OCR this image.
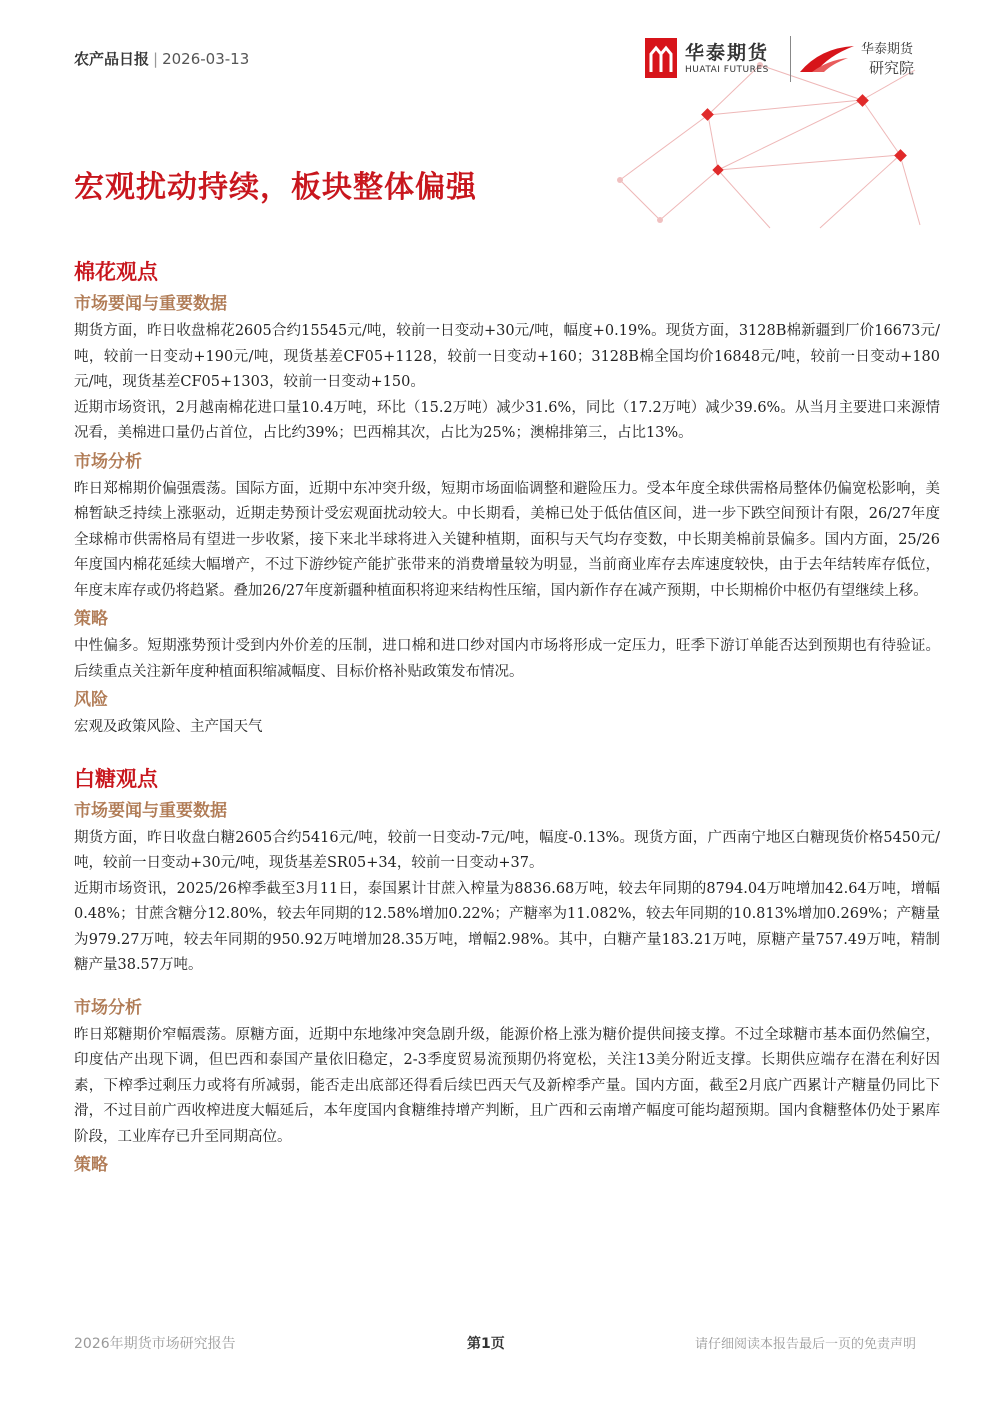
农产品日报 | 2026-03-13	华泰期货
HUATAI FUTURES
华泰期货
研究院
宏观扰动持续，板块整体偏强
棉花观点
市场要闻与重要数据

期货方面，昨日收盘棉花2605合约15545元/吨，较前一日变动+30元/吨，幅度+0.19%。现货方面，3128B棉新疆到厂价16673元/吨，较前一日变动+190元/吨，现货基差CF05+1128，较前一日变动+160；3128B棉全国均价16848元/吨，较前一日变动+180元/吨，现货基差CF05+1303，较前一日变动+150。

近期市场资讯，2月越南棉花进口量10.4万吨，环比（15.2万吨）减少31.6%，同比（17.2万吨）减少39.6%。从当月主要进口来源情况看，美棉进口量仍占首位，占比约39%；巴西棉其次，占比为25%；澳棉排第三，占比13%。

市场分析

昨日郑棉期价偏强震荡。国际方面，近期中东冲突升级，短期市场面临调整和避险压力。受本年度全球供需格局整体仍偏宽松影响，美棉暂缺乏持续上涨驱动，近期走势预计受宏观面扰动较大。中长期看，美棉已处于低估值区间，进一步下跌空间预计有限，26/27年度全球棉市供需格局有望进一步收紧，接下来北半球将进入关键种植期，面积与天气均存变数，中长期美棉前景偏多。国内方面，25/26年度国内棉花延续大幅增产，不过下游纱锭产能扩张带来的消费增量较为明显，当前商业库存去库速度较快，由于去年结转库存低位，年度末库存或仍将趋紧。叠加26/27年度新疆种植面积将迎来结构性压缩，国内新作存在减产预期，中长期棉价中枢仍有望继续上移。

策略

中性偏多。短期涨势预计受到内外价差的压制，进口棉和进口纱对国内市场将形成一定压力，旺季下游订单能否达到预期也有待验证。后续重点关注新年度种植面积缩减幅度、目标价格补贴政策发布情况。

风险

宏观及政策风险、主产国天气

白糖观点
市场要闻与重要数据

期货方面，昨日收盘白糖2605合约5416元/吨，较前一日变动-7元/吨，幅度-0.13%。现货方面，广西南宁地区白糖现货价格5450元/吨，较前一日变动+30元/吨，现货基差SR05+34，较前一日变动+37。

近期市场资讯，2025/26榨季截至3月11日，泰国累计甘蔗入榨量为8836.68万吨，较去年同期的8794.04万吨增加42.64万吨，增幅0.48%；甘蔗含糖分12.80%，较去年同期的12.58%增加0.22%；产糖率为11.082%，较去年同期的10.813%增加0.269%；产糖量为979.27万吨，较去年同期的950.92万吨增加28.35万吨，增幅2.98%。其中，白糖产量183.21万吨，原糖产量757.49万吨，精制糖产量38.57万吨。

市场分析

昨日郑糖期价窄幅震荡。原糖方面，近期中东地缘冲突急剧升级，能源价格上涨为糖价提供间接支撑。不过全球糖市基本面仍然偏空，印度估产出现下调，但巴西和泰国产量依旧稳定，2-3季度贸易流预期仍将宽松，关注13美分附近支撑。长期供应端存在潜在利好因素，下榨季过剩压力或将有所减弱，能否走出底部还得看后续巴西天气及新榨季产量。国内方面，截至2月底广西累计产糖量仍同比下滑，不过目前广西收榨进度大幅延后，本年度国内食糖维持增产判断，且广西和云南增产幅度可能均超预期。国内食糖整体仍处于累库阶段，工业库存已升至同期高位。

策略
2026年期货市场研究报告	第1页	请仔细阅读本报告最后一页的免责声明
